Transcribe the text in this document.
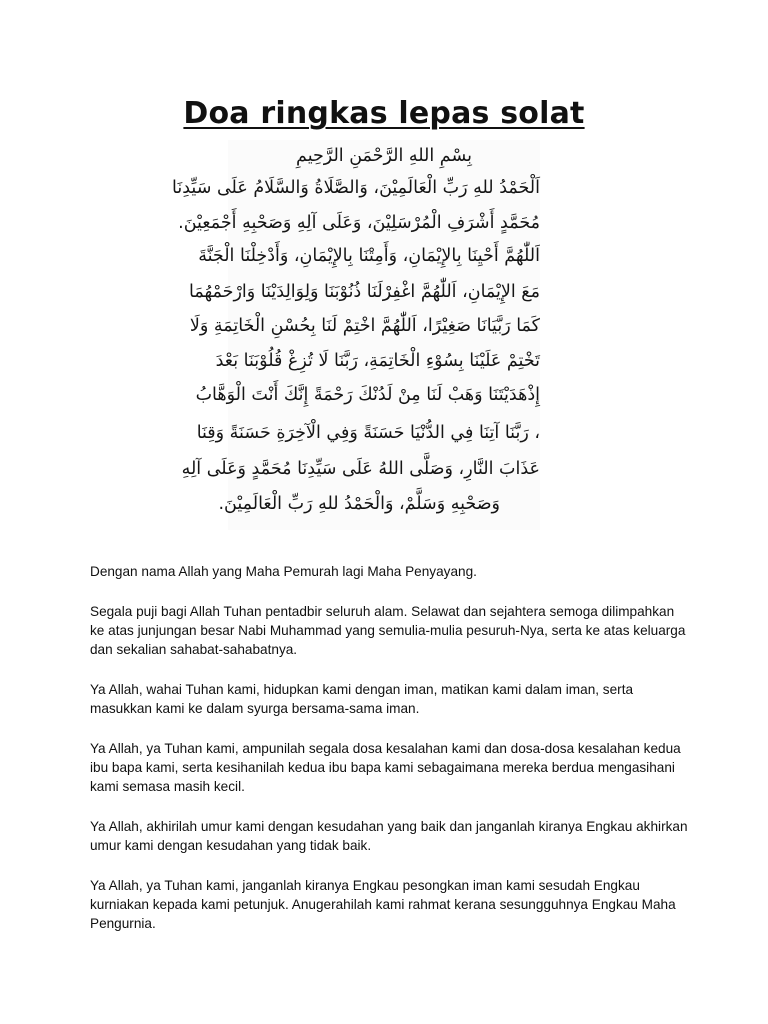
Doa ringkas lepas solat
بِسْمِ اللهِ الرَّحْمَنِ الرَّحِيمِ
اَلْحَمْدُ للهِ رَبِّ الْعَالَمِيْنَ، وَالصَّلَاةُ وَالسَّلَامُ عَلَى سَيِّدِنَا
مُحَمَّدٍ أَشْرَفِ الْمُرْسَلِيْنَ، وَعَلَى آلِهِ وَصَحْبِهِ أَجْمَعِيْنَ.
اَللّٰهُمَّ أَحْيِنَا بِالإِيْمَانِ، وَأَمِتْنَا بِالإِيْمَانِ، وَأَدْخِلْنَا الْجَنَّةَ
مَعَ الإِيْمَانِ، اَللّٰهُمَّ اغْفِرْلَنَا ذُنُوْبَنَا وَلِوَالِدَيْنَا وَارْحَمْهُمَا
كَمَا رَبَّيَانَا صَغِيْرًا، اَللّٰهُمَّ اخْتِمْ لَنَا بِحُسْنِ الْخَاتِمَةِ وَلَا
تَخْتِمْ عَلَيْنَا بِسُوْءِ الْخَاتِمَةِ، رَبَّنَا لَا تُزِغْ قُلُوْبَنَا بَعْدَ
إِذْهَدَيْتَنَا وَهَبْ لَنَا مِنْ لَدُنْكَ رَحْمَةً إِنَّكَ أَنْتَ الْوَهَّابُ
، رَبَّنَا آتِنَا فِي الدُّنْيَا حَسَنَةً وَفِي الْآخِرَةِ حَسَنَةً وَقِنَا
عَذَابَ النَّارِ، وَصَلَّى اللهُ عَلَى سَيِّدِنَا مُحَمَّدٍ وَعَلَى آلِهِ
وَصَحْبِهِ وَسَلَّمْ، وَالْحَمْدُ للهِ رَبِّ الْعَالَمِيْنَ.

Dengan nama Allah yang Maha Pemurah lagi Maha Penyayang.

Segala puji bagi Allah Tuhan pentadbir seluruh alam. Selawat dan sejahtera semoga dilimpahkan ke atas junjungan besar Nabi Muhammad yang semulia-mulia pesuruh-Nya, serta ke atas keluarga dan sekalian sahabat-sahabatnya.

Ya Allah, wahai Tuhan kami, hidupkan kami dengan iman, matikan kami dalam iman, serta masukkan kami ke dalam syurga bersama-sama iman.

Ya Allah, ya Tuhan kami, ampunilah segala dosa kesalahan kami dan dosa-dosa kesalahan kedua ibu bapa kami, serta kesihanilah kedua ibu bapa kami sebagaimana mereka berdua mengasihani kami semasa masih kecil.

Ya Allah, akhirilah umur kami dengan kesudahan yang baik dan janganlah kiranya Engkau akhirkan umur kami dengan kesudahan yang tidak baik.

Ya Allah, ya Tuhan kami, janganlah kiranya Engkau pesongkan iman kami sesudah Engkau kurniakan kepada kami petunjuk. Anugerahilah kami rahmat kerana sesungguhnya Engkau Maha Pengurnia.
